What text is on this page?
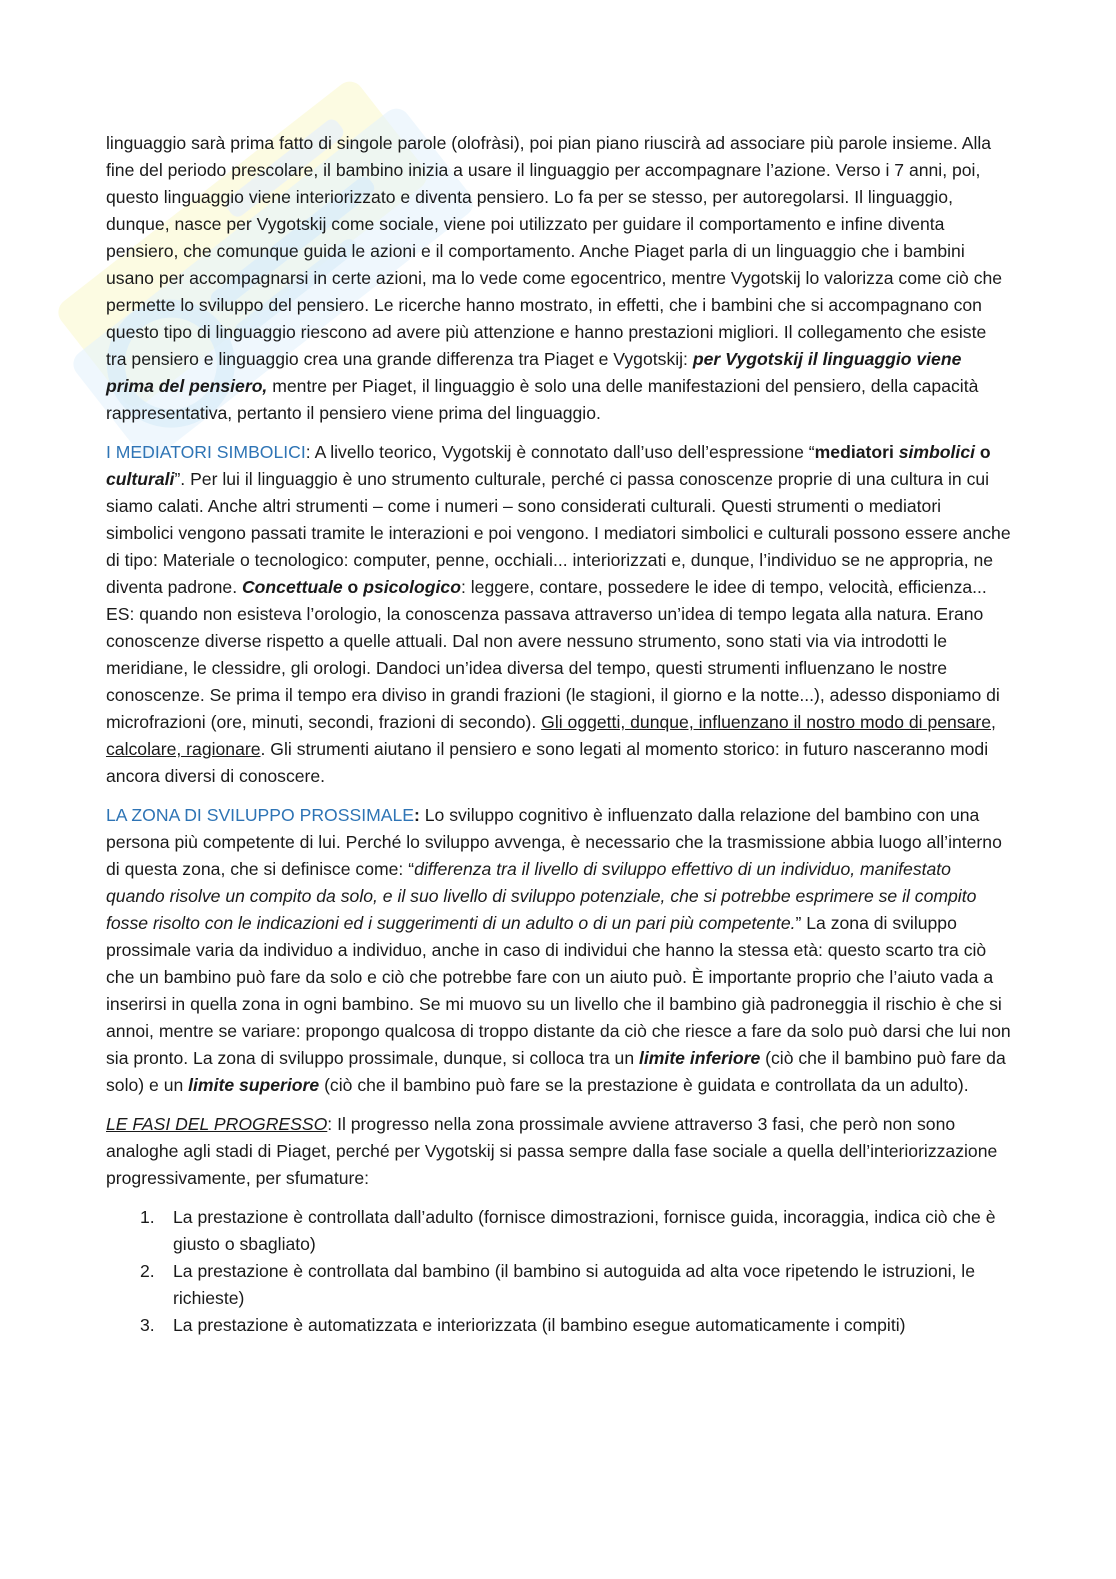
linguaggio sarà prima fatto di singole parole (olofràsi), poi pian piano riuscirà ad associare più parole insieme. Alla fine del periodo prescolare, il bambino inizia a usare il linguaggio per accompagnare l’azione. Verso i 7 anni, poi, questo linguaggio viene interiorizzato e diventa pensiero. Lo fa per se stesso, per autoregolarsi. Il linguaggio, dunque, nasce per Vygotskij come sociale, viene poi utilizzato per guidare il comportamento e infine diventa pensiero, che comunque guida le azioni e il comportamento. Anche Piaget parla di un linguaggio che i bambini usano per accompagnarsi in certe azioni, ma lo vede come egocentrico, mentre Vygotskij lo valorizza come ciò che permette lo sviluppo del pensiero. Le ricerche hanno mostrato, in effetti, che i bambini che si accompagnano con questo tipo di linguaggio riescono ad avere più attenzione e hanno prestazioni migliori. Il collegamento che esiste tra pensiero e linguaggio crea una grande differenza tra Piaget e Vygotskij: per Vygotskij il linguaggio viene prima del pensiero, mentre per Piaget, il linguaggio è solo una delle manifestazioni del pensiero, della capacità rappresentativa, pertanto il pensiero viene prima del linguaggio.

I MEDIATORI SIMBOLICI: A livello teorico, Vygotskij è connotato dall’uso dell’espressione “mediatori simbolici o culturali”. Per lui il linguaggio è uno strumento culturale, perché ci passa conoscenze proprie di una cultura in cui siamo calati. Anche altri strumenti – come i numeri – sono considerati culturali. Questi strumenti o mediatori simbolici vengono passati tramite le interazioni e poi vengono. I mediatori simbolici e culturali possono essere anche di tipo: Materiale o tecnologico: computer, penne, occhiali... interiorizzati e, dunque, l’individuo se ne appropria, ne diventa padrone. Concettuale o psicologico: leggere, contare, possedere le idee di tempo, velocità, efficienza... ES: quando non esisteva l’orologio, la conoscenza passava attraverso un’idea di tempo legata alla natura. Erano conoscenze diverse rispetto a quelle attuali. Dal non avere nessuno strumento, sono stati via via introdotti le meridiane, le clessidre, gli orologi. Dandoci un’idea diversa del tempo, questi strumenti influenzano le nostre conoscenze. Se prima il tempo era diviso in grandi frazioni (le stagioni, il giorno e la notte...), adesso disponiamo di microfrazioni (ore, minuti, secondi, frazioni di secondo). Gli oggetti, dunque, influenzano il nostro modo di pensare, calcolare, ragionare. Gli strumenti aiutano il pensiero e sono legati al momento storico: in futuro nasceranno modi ancora diversi di conoscere.

LA ZONA DI SVILUPPO PROSSIMALE: Lo sviluppo cognitivo è influenzato dalla relazione del bambino con una persona più competente di lui. Perché lo sviluppo avvenga, è necessario che la trasmissione abbia luogo all’interno di questa zona, che si definisce come: “differenza tra il livello di sviluppo effettivo di un individuo, manifestato quando risolve un compito da solo, e il suo livello di sviluppo potenziale, che si potrebbe esprimere se il compito fosse risolto con le indicazioni ed i suggerimenti di un adulto o di un pari più competente.” La zona di sviluppo prossimale varia da individuo a individuo, anche in caso di individui che hanno la stessa età: questo scarto tra ciò che un bambino può fare da solo e ciò che potrebbe fare con un aiuto può. È importante proprio che l’aiuto vada a inserirsi in quella zona in ogni bambino. Se mi muovo su un livello che il bambino già padroneggia il rischio è che si annoi, mentre se variare: propongo qualcosa di troppo distante da ciò che riesce a fare da solo può darsi che lui non sia pronto. La zona di sviluppo prossimale, dunque, si colloca tra un limite inferiore (ciò che il bambino può fare da solo) e un limite superiore (ciò che il bambino può fare se la prestazione è guidata e controllata da un adulto).

LE FASI DEL PROGRESSO: Il progresso nella zona prossimale avviene attraverso 3 fasi, che però non sono analoghe agli stadi di Piaget, perché per Vygotskij si passa sempre dalla fase sociale a quella dell’interiorizzazione progressivamente, per sfumature:

1. La prestazione è controllata dall’adulto (fornisce dimostrazioni, fornisce guida, incoraggia, indica ciò che è giusto o sbagliato)
2. La prestazione è controllata dal bambino (il bambino si autoguida ad alta voce ripetendo le istruzioni, le richieste)
3. La prestazione è automatizzata e interiorizzata (il bambino esegue automaticamente i compiti)
